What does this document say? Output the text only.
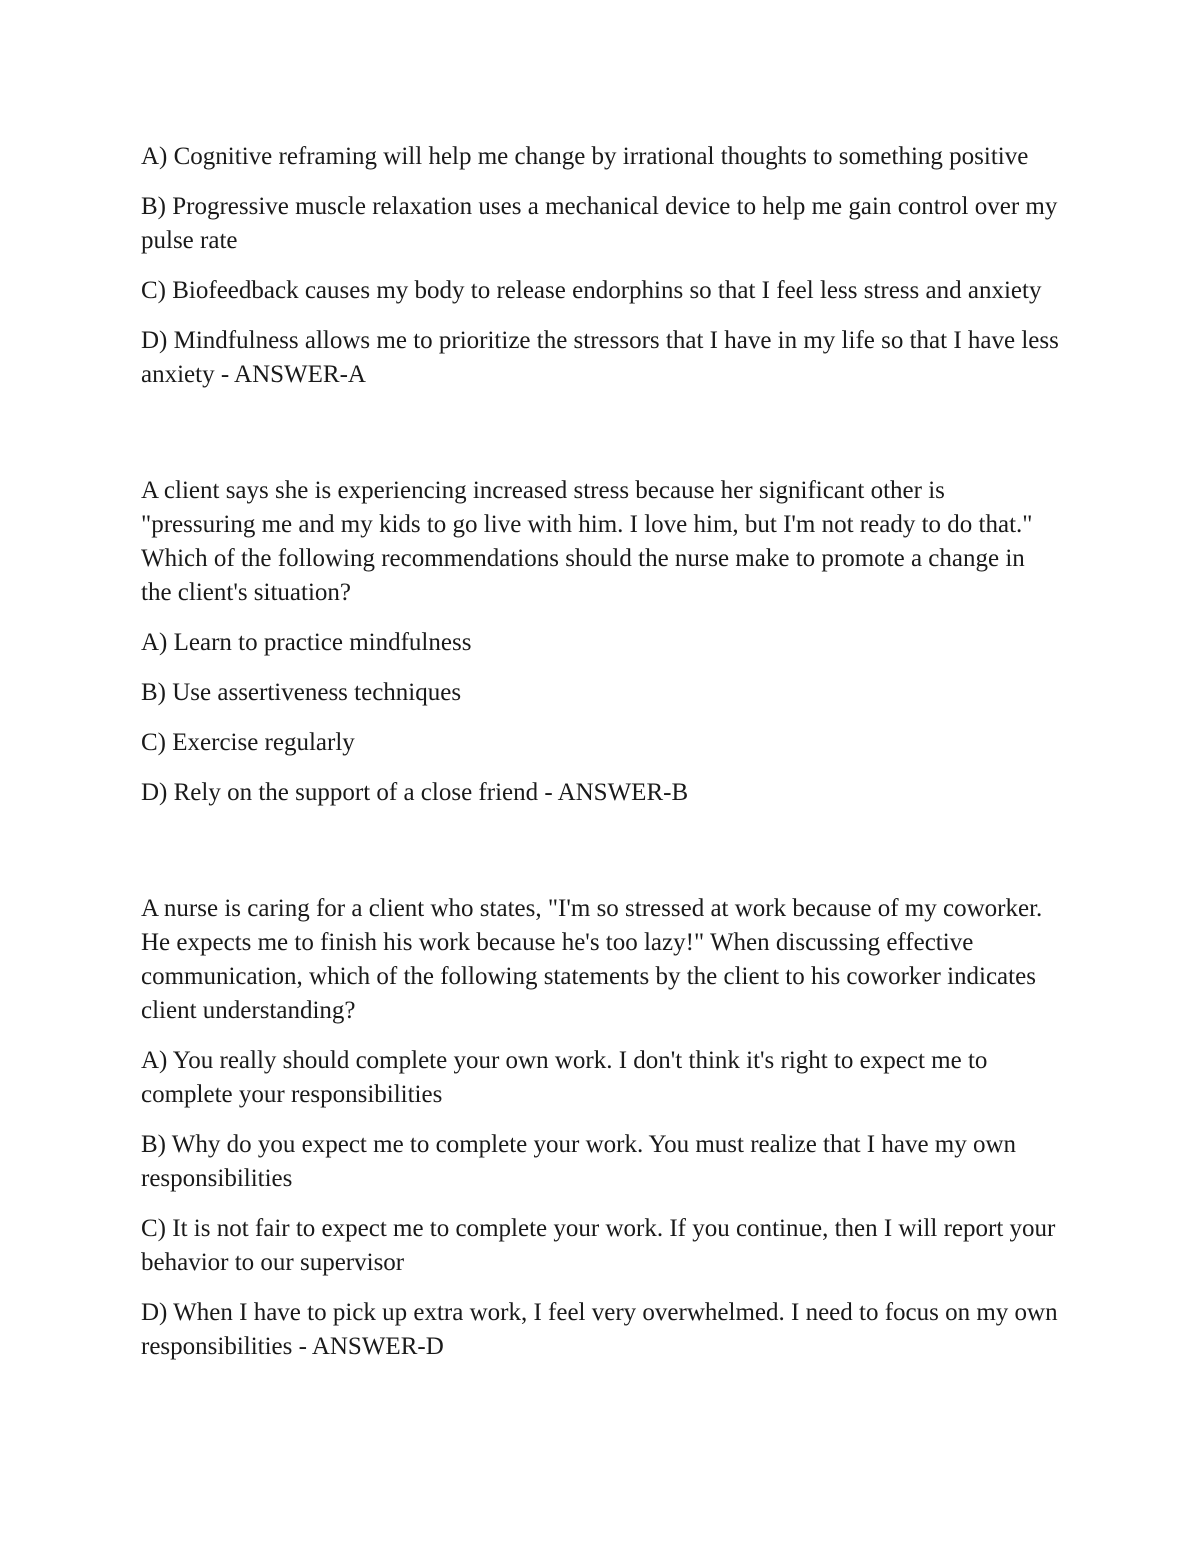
A) Cognitive reframing will help me change by irrational thoughts to something positive

B) Progressive muscle relaxation uses a mechanical device to help me gain control over my pulse rate

C) Biofeedback causes my body to release endorphins so that I feel less stress and anxiety

D) Mindfulness allows me to prioritize the stressors that I have in my life so that I have less anxiety - ANSWER-A

A client says she is experiencing increased stress because her significant other is "pressuring me and my kids to go live with him. I love him, but I'm not ready to do that." Which of the following recommendations should the nurse make to promote a change in the client's situation?

A) Learn to practice mindfulness

B) Use assertiveness techniques

C) Exercise regularly

D) Rely on the support of a close friend - ANSWER-B

A nurse is caring for a client who states, "I'm so stressed at work because of my coworker. He expects me to finish his work because he's too lazy!" When discussing effective communication, which of the following statements by the client to his coworker indicates client understanding?

A) You really should complete your own work. I don't think it's right to expect me to complete your responsibilities

B) Why do you expect me to complete your work. You must realize that I have my own responsibilities

C) It is not fair to expect me to complete your work. If you continue, then I will report your behavior to our supervisor

D) When I have to pick up extra work, I feel very overwhelmed. I need to focus on my own responsibilities - ANSWER-D
